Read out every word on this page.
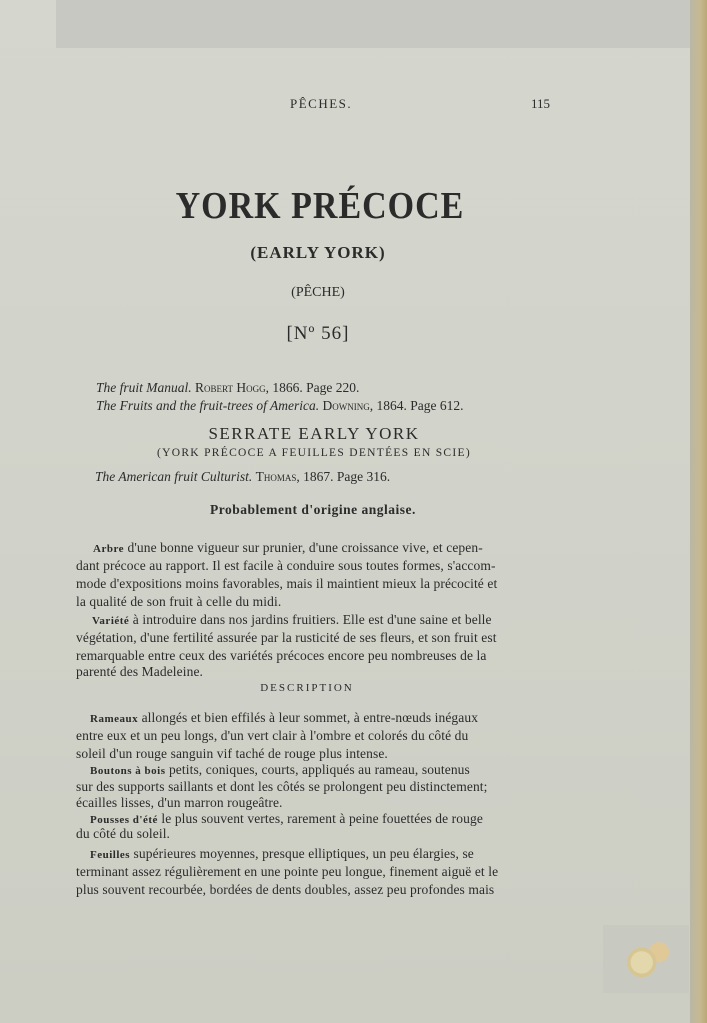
PÊCHES.	115
YORK PRÉCOCE
(EARLY YORK)
(PÊCHE)
[Nº 56]
The fruit Manual. Robert Hogg, 1866. Page 220.
The Fruits and the fruit-trees of America. Downing, 1864. Page 612.
SERRATE EARLY YORK
(YORK PRÉCOCE A FEUILLES DENTÉES EN SCIE)
The American fruit Culturist. Thomas, 1867. Page 316.
Probablement d'origine anglaise.
Arbre d'une bonne vigueur sur prunier, d'une croissance vive, et cepen-
dant précoce au rapport. Il est facile à conduire sous toutes formes, s'accom-
mode d'expositions moins favorables, mais il maintient mieux la précocité et
la qualité de son fruit à celle du midi.
Variété à introduire dans nos jardins fruitiers. Elle est d'une saine et belle
végétation, d'une fertilité assurée par la rusticité de ses fleurs, et son fruit est
remarquable entre ceux des variétés précoces encore peu nombreuses de la
parenté des Madeleine.
DESCRIPTION
Rameaux allongés et bien effilés à leur sommet, à entre-nœuds inégaux
entre eux et un peu longs, d'un vert clair à l'ombre et colorés du côté du
soleil d'un rouge sanguin vif taché de rouge plus intense.
Boutons à bois petits, coniques, courts, appliqués au rameau, soutenus
sur des supports saillants et dont les côtés se prolongent peu distinctement;
écailles lisses, d'un marron rougeâtre.
Pousses d'été le plus souvent vertes, rarement à peine fouettées de rouge
du côté du soleil.
Feuilles supérieures moyennes, presque elliptiques, un peu élargies, se
terminant assez régulièrement en une pointe peu longue, finement aiguë et le
plus souvent recourbée, bordées de dents doubles, assez peu profondes mais
